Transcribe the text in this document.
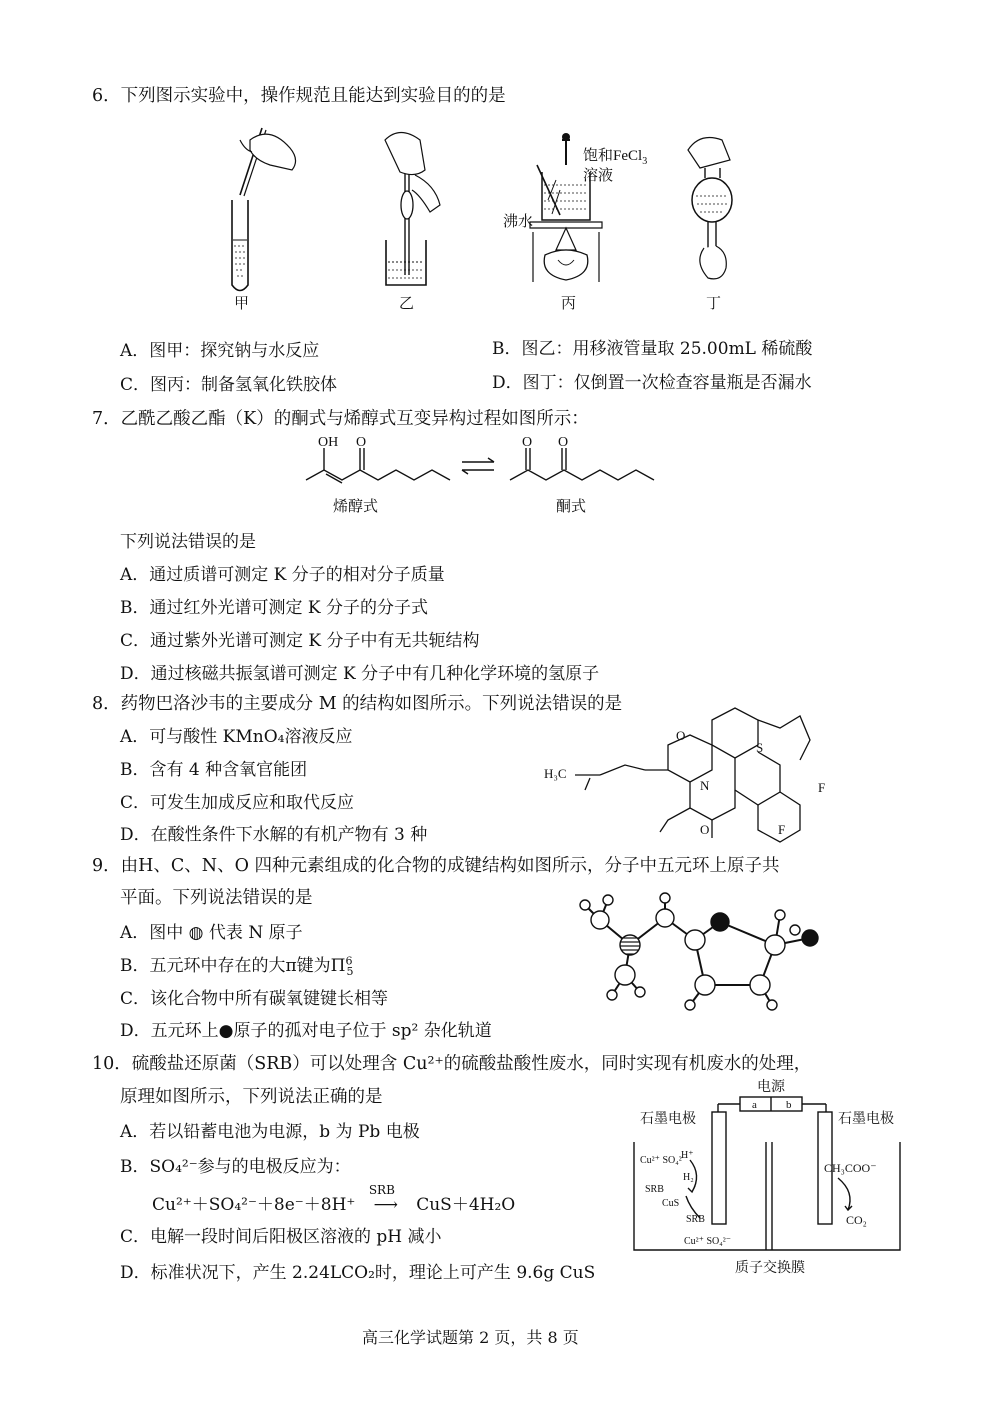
6．下列图示实验中，操作规范且能达到实验目的的是
甲	乙
饱和FeCl$_3$
溶液
沸水
丙	丁
A．图甲：探究钠与水反应	B．图乙：用移液管量取 25.00mL 稀硫酸
C．图丙：制备氢氧化铁胶体	D．图丁：仅倒置一次检查容量瓶是否漏水
7．乙酰乙酸乙酯（K）的酮式与烯醇式互变异构过程如图所示：
OH O	O O
烯醇式	酮式
下列说法错误的是
A．通过质谱可测定 K 分子的相对分子质量
B．通过红外光谱可测定 K 分子的分子式
C．通过紫外光谱可测定 K 分子中有无共轭结构
D．通过核磁共振氢谱可测定 K 分子中有几种化学环境的氢原子
8．药物巴洛沙韦的主要成分 M 的结构如图所示。下列说法错误的是
A．可与酸性 KMnO₄溶液反应
B．含有 4 种含氧官能团
C．可发生加成反应和取代反应
D．在酸性条件下水解的有机产物有 3 种
H₃C
O
S
F
F
N
O
9．由H、C、N、O 四种元素组成的化合物的成键结构如图所示，分子中五元环上原子共
平面。下列说法错误的是
A．图中 ◍ 代表 N 原子
B．五元环中存在的大π键为$\Pi^6_5$
C．该化合物中所有碳氧键键长相等
D．五元环上●原子的孤对电子位于 sp² 杂化轨道
10．硫酸盐还原菌（SRB）可以处理含 Cu²⁺的硫酸盐酸性废水，同时实现有机废水的处理，
原理如图所示，下列说法正确的是
A．若以铅蓄电池为电源，b 为 Pb 电极
B．SO₄²⁻参与的电极反应为：
Cu²⁺＋SO₄²⁻＋8e⁻＋8H⁺
SRB
⟶ CuS＋4H₂O
C．电解一段时间后阳极区溶液的 pH 减小
D．标准状况下，产生 2.24LCO₂时，理论上可产生 9.6g CuS
电源
a	b
石墨电极	石墨电极
Cu²⁺ SO₄²⁻
H⁺
H₂
SRB
CuS
SRB
CH₃COO⁻
CO₂
Cu²⁺ SO₄²⁻
质子交换膜
高三化学试题第 2 页，共 8 页
